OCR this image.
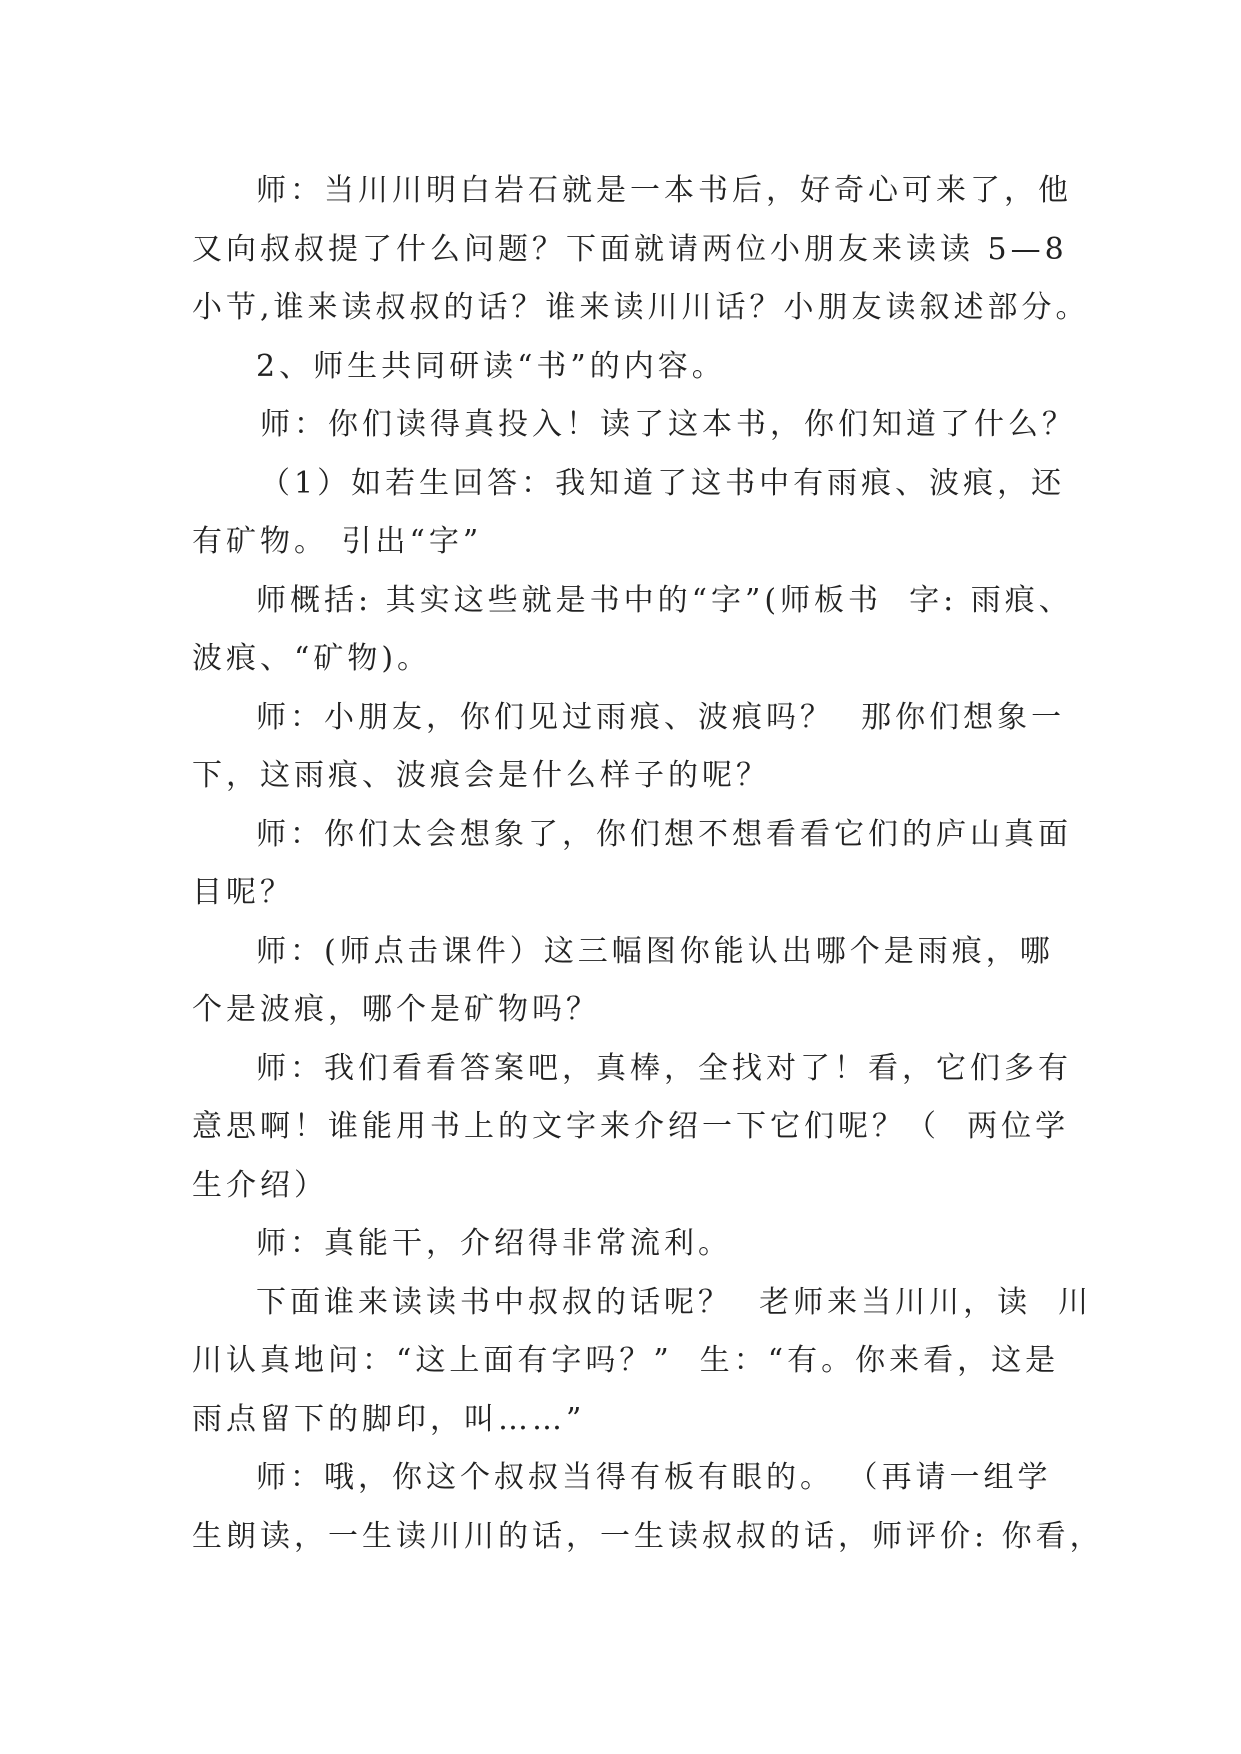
师：当川川明白岩石就是一本书后，好奇心可来了，他
又向叔叔提了什么问题？下面就请两位小朋友来读读 5—8
小节,谁来读叔叔的话？谁来读川川话？小朋友读叙述部分。
2、师生共同研读“书”的内容。
师：你们读得真投入！读了这本书，你们知道了什么？
（1）如若生回答：我知道了这书中有雨痕、波痕，还
有矿物。 引出“字”
师概括: 其实这些就是书中的“字”(师板书  字: 雨痕、
波痕、“矿物)。
师：小朋友，你们见过雨痕、波痕吗？  那你们想象一
下，这雨痕、波痕会是什么样子的呢？
师：你们太会想象了，你们想不想看看它们的庐山真面
目呢？
师：(师点击课件）这三幅图你能认出哪个是雨痕，哪
个是波痕，哪个是矿物吗？
师：我们看看答案吧，真棒，全找对了！看，它们多有
意思啊！谁能用书上的文字来介绍一下它们呢？（  两位学
生介绍）
师：真能干，介绍得非常流利。
下面谁来读读书中叔叔的话呢？  老师来当川川，读  川
川认真地问：“这上面有字吗？”  生：“有。你来看，这是
雨点留下的脚印，叫……”
师：哦，你这个叔叔当得有板有眼的。 （再请一组学
生朗读，一生读川川的话，一生读叔叔的话，师评价: 你看，
